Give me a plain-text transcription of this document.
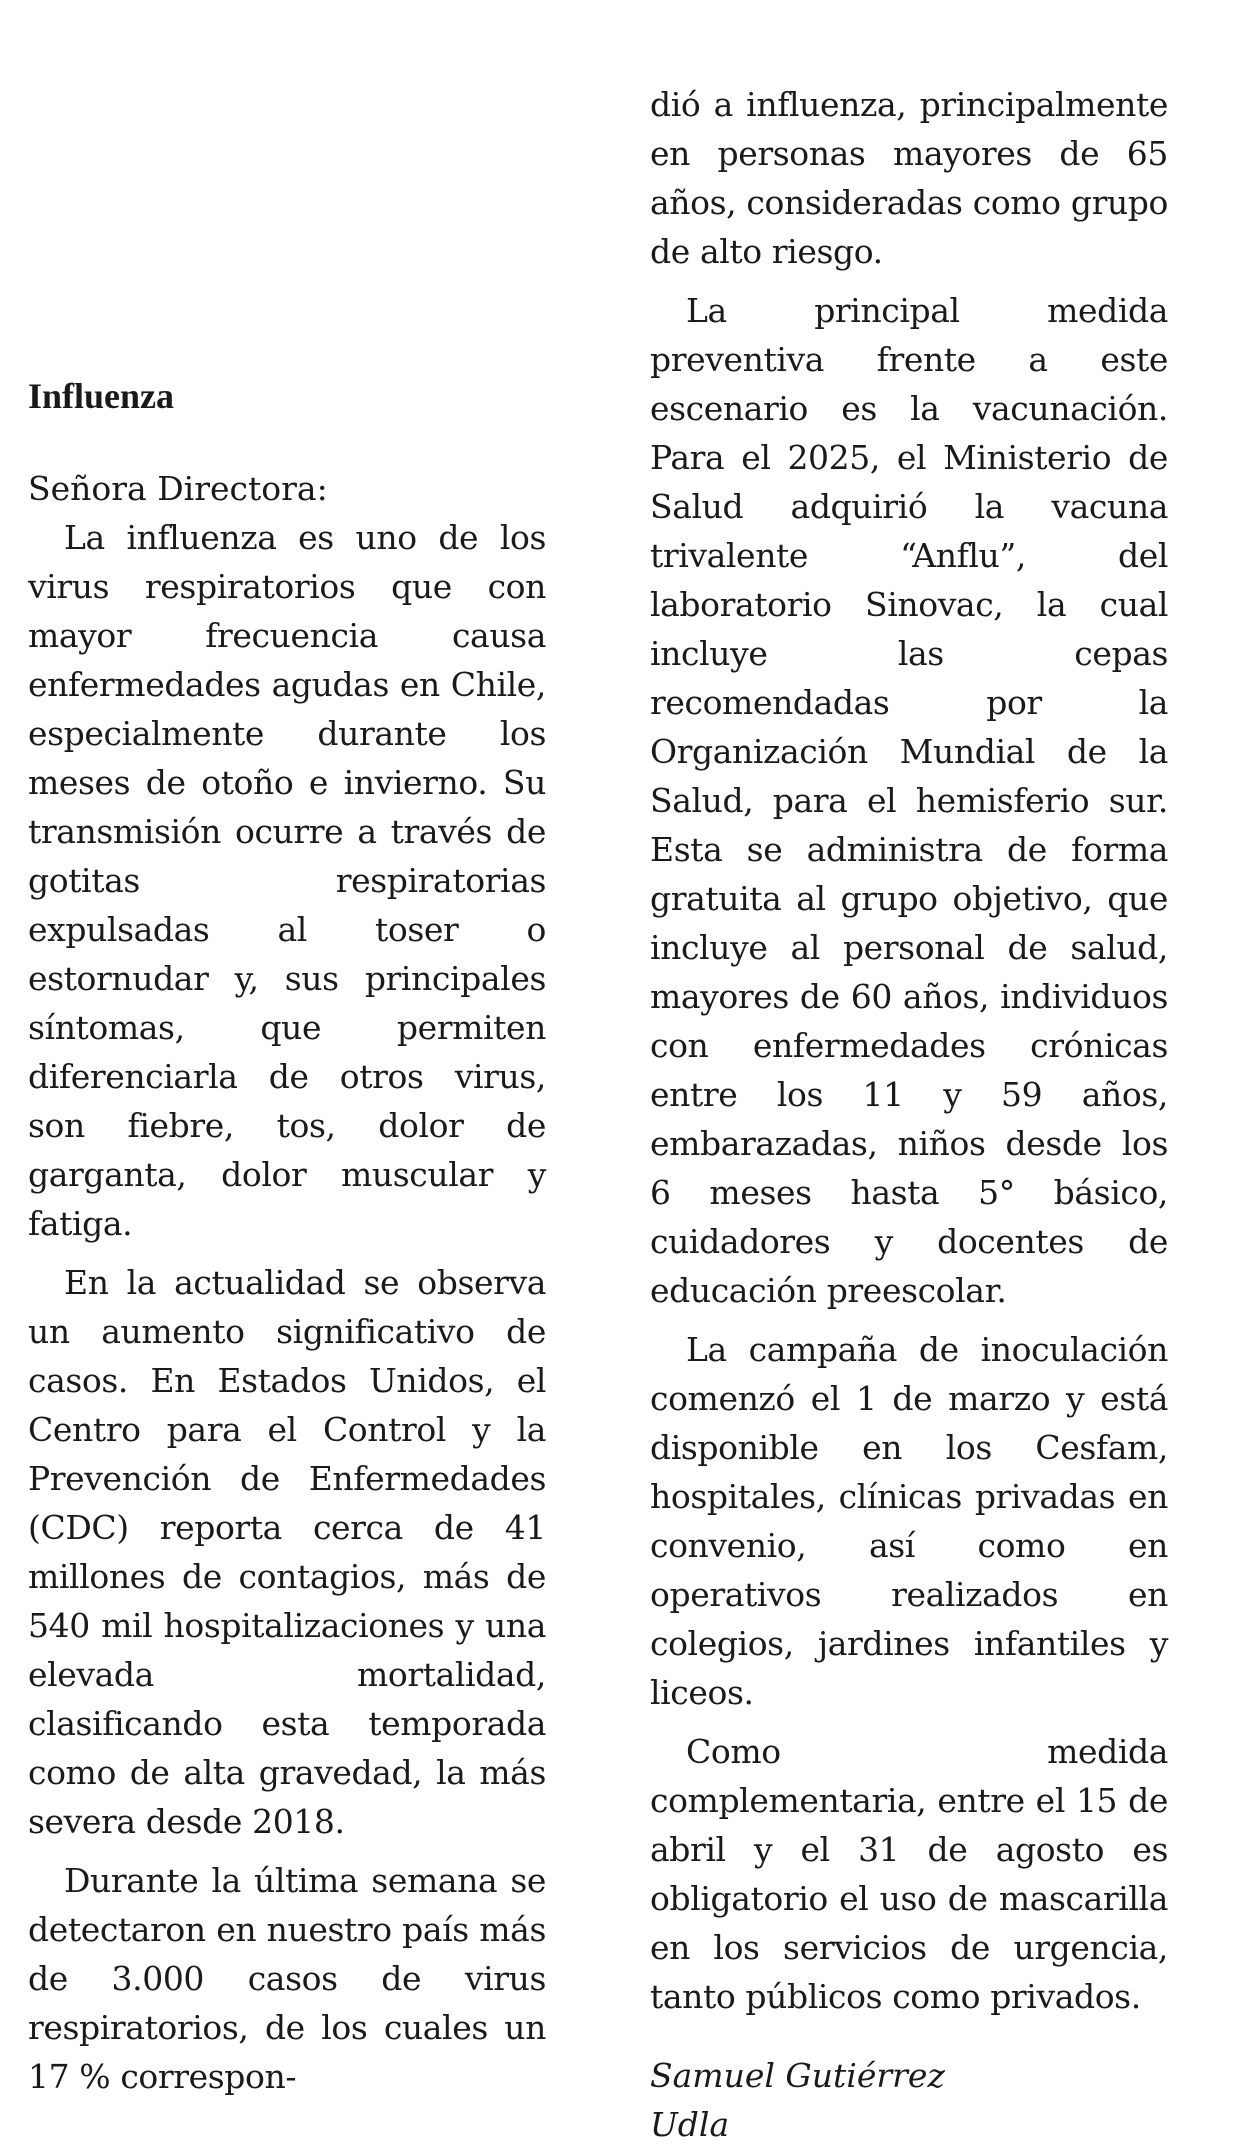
Influenza
Señora Directora:

La influenza es uno de los virus respiratorios que con mayor frecuencia causa enfermedades agudas en Chile, especialmente durante los meses de otoño e invierno. Su transmisión ocurre a través de gotitas respiratorias expulsadas al toser o estornudar y, sus principales síntomas, que permiten diferenciarla de otros virus, son fiebre, tos, dolor de garganta, dolor muscular y fatiga.

En la actualidad se observa un aumento significativo de casos. En Estados Unidos, el Centro para el Control y la Prevención de Enfermedades (CDC) reporta cerca de 41 millones de contagios, más de 540 mil hospitalizaciones y una elevada mortalidad, clasificando esta temporada como de alta gravedad, la más severa desde 2018.

Durante la última semana se detectaron en nuestro país más de 3.000 casos de virus respiratorios, de los cuales un 17 % correspon-

dió a influenza, principalmente en personas mayores de 65 años, consideradas como grupo de alto riesgo.

La principal medida preventiva frente a este escenario es la vacunación. Para el 2025, el Ministerio de Salud adquirió la vacuna trivalente “Anflu”, del laboratorio Sinovac, la cual incluye las cepas recomendadas por la Organización Mundial de la Salud, para el hemisferio sur. Esta se administra de forma gratuita al grupo objetivo, que incluye al personal de salud, mayores de 60 años, individuos con enfermedades crónicas entre los 11 y 59 años, embarazadas, niños desde los 6 meses hasta 5° básico, cuidadores y docentes de educación preescolar.

La campaña de inoculación comenzó el 1 de marzo y está disponible en los Cesfam, hospitales, clínicas privadas en convenio, así como en operativos realizados en colegios, jardines infantiles y liceos.

Como medida complementaria, entre el 15 de abril y el 31 de agosto es obligatorio el uso de mascarilla en los servicios de urgencia, tanto públicos como privados.

Samuel Gutiérrez
Udla
